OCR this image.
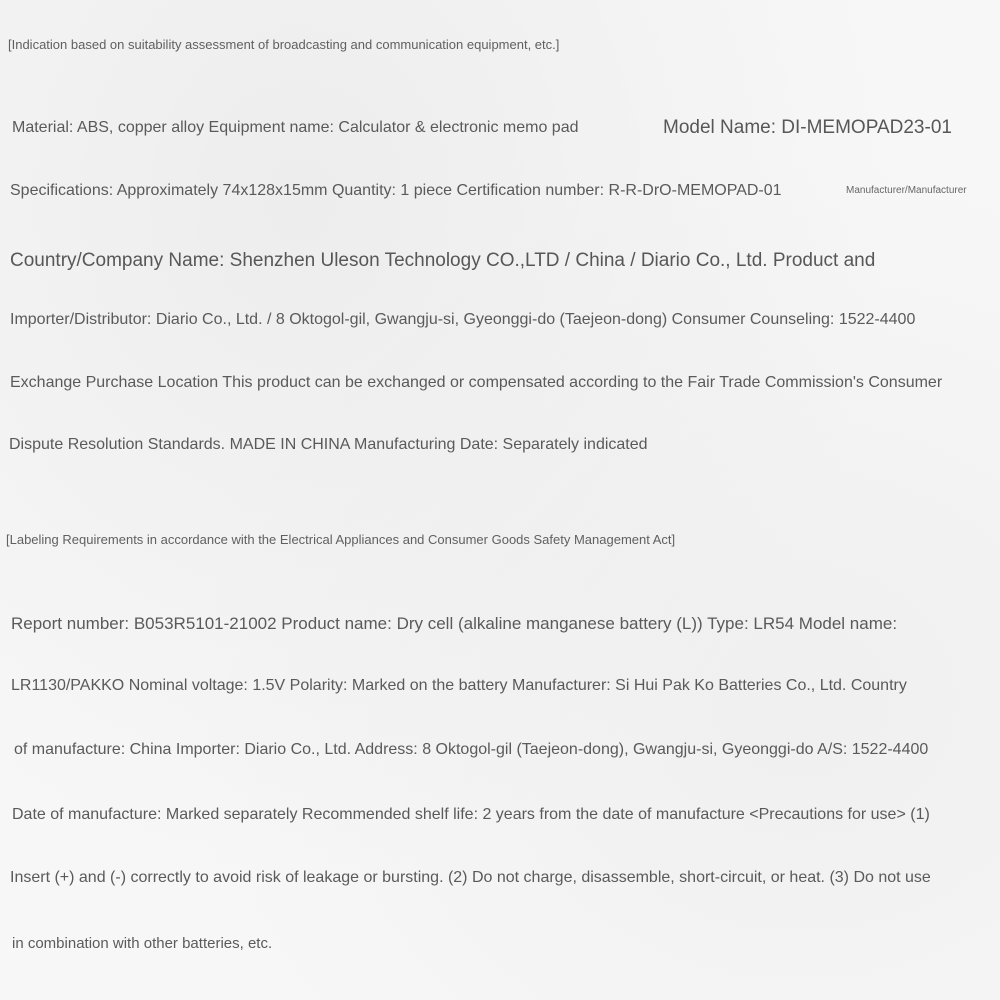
[Indication based on suitability assessment of broadcasting and communication equipment, etc.]
Material: ABS, copper alloy Equipment name: Calculator & electronic memo pad	Model Name: DI-MEMOPAD23-01
Specifications: Approximately 74x128x15mm Quantity: 1 piece Certification number: R-R-DrO-MEMOPAD-01	Manufacturer/Manufacturer
Country/Company Name: Shenzhen Uleson Technology CO.,LTD / China / Diario Co., Ltd. Product and
Importer/Distributor: Diario Co., Ltd. / 8 Oktogol-gil, Gwangju-si, Gyeonggi-do (Taejeon-dong) Consumer Counseling: 1522-4400
Exchange Purchase Location This product can be exchanged or compensated according to the Fair Trade Commission's Consumer
Dispute Resolution Standards. MADE IN CHINA Manufacturing Date: Separately indicated
[Labeling Requirements in accordance with the Electrical Appliances and Consumer Goods Safety Management Act]
Report number: B053R5101-21002 Product name: Dry cell (alkaline manganese battery (L)) Type: LR54 Model name:
LR1130/PAKKO Nominal voltage: 1.5V Polarity: Marked on the battery Manufacturer: Si Hui Pak Ko Batteries Co., Ltd. Country
of manufacture: China Importer: Diario Co., Ltd. Address: 8 Oktogol-gil (Taejeon-dong), Gwangju-si, Gyeonggi-do A/S: 1522-4400
Date of manufacture: Marked separately Recommended shelf life: 2 years from the date of manufacture <Precautions for use> (1)
Insert (+) and (-) correctly to avoid risk of leakage or bursting. (2) Do not charge, disassemble, short-circuit, or heat. (3) Do not use
in combination with other batteries, etc.
